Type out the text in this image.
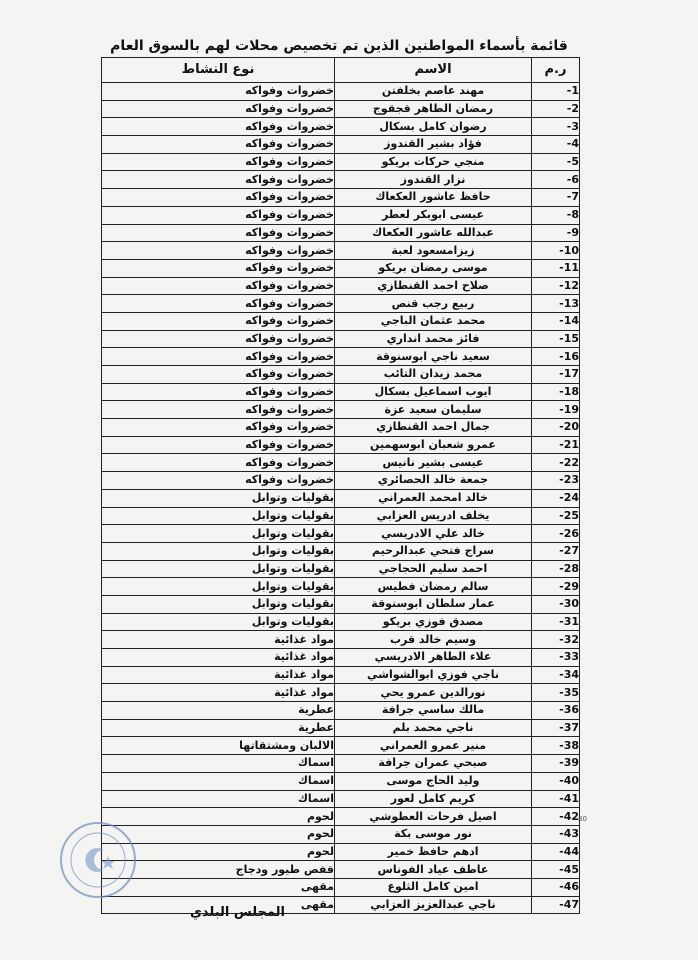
قائمة بأسماء المواطنين الذين تم تخصيص محلات لهم بالسوق العام
ر.م	الاسم	نوع النشاط
-1	مهند عاصم بخلفتن	خضروات وفواكه
-2	رمضان الطاهر قجقوج	خضروات وفواكه
-3	رضوان كامل بسكال	خضروات وفواكه
-4	فؤاد بشير القندوز	خضروات وفواكه
-5	منجي حركات بريكو	خضروات وفواكه
-6	نزار القندوز	خضروات وفواكه
-7	حافظ عاشور العكعاك	خضروات وفواكه
-8	عيسى ابوبكر لعطر	خضروات وفواكه
-9	عبدالله عاشور العكعاك	خضروات وفواكه
-10	زيزامسعود لعبة	خضروات وفواكه
-11	موسى رمضان بريكو	خضروات وفواكه
-12	صلاح احمد القنطازي	خضروات وفواكه
-13	ربيع رجب قنص	خضروات وفواكه
-14	محمد عثمان الباجي	خضروات وفواكه
-15	فائز محمد انداري	خضروات وفواكه
-16	سعيد ناجي ابوسنوقة	خضروات وفواكه
-17	محمد زيدان التائب	خضروات وفواكه
-18	ايوب اسماعيل بسكال	خضروات وفواكه
-19	سليمان سعيد عزة	خضروات وفواكه
-20	جمال احمد القنطازي	خضروات وفواكه
-21	عمرو شعبان ابوسهمين	خضروات وفواكه
-22	عيسى بشير نانيس	خضروات وفواكه
-23	جمعة خالد الحصائري	خضروات وفواكه
-24	خالد امحمد العمراني	بقوليات وتوابل
-25	يخلف ادريس العزابي	بقوليات وتوابل
-26	خالد علي الادريسي	بقوليات وتوابل
-27	سراج فتحي عبدالرحيم	بقوليات وتوابل
-28	احمد سليم الحجاجي	بقوليات وتوابل
-29	سالم رمضان فطيس	بقوليات وتوابل
-30	عمار سلطان ابوسنوقة	بقوليات وتوابل
-31	مصدق فوزي بريكو	بقوليات وتوابل
-32	وسيم خالد قرب	مواد غذائية
-33	علاء الطاهر الادريسي	مواد غذائية
-34	ناجي فوزي ابوالشواشي	مواد غذائية
-35	نورالدين عمرو يحي	مواد غذائية
-36	مالك ساسي جرافة	عطرية
-37	ناجي محمد بلم	عطرية
-38	منير عمرو العمراني	الالبان ومشتقاتها
-39	صبحي عمران جرافة	اسماك
-40	وليد الحاج موسى	اسماك
-41	كريم كامل لعور	اسماك
-42	اصيل فرحات العطوشي	لحوم
-43	نور موسى بكة	لحوم
-44	ادهم حافظ خمير	لحوم
-45	عاطف عياد الفوناس	قفص طيور ودجاج
-46	امين كامل الثلوع	مقهى
-47	ناجي عبدالعزيز العزابي	مقهى
80
المجلس البلدي
